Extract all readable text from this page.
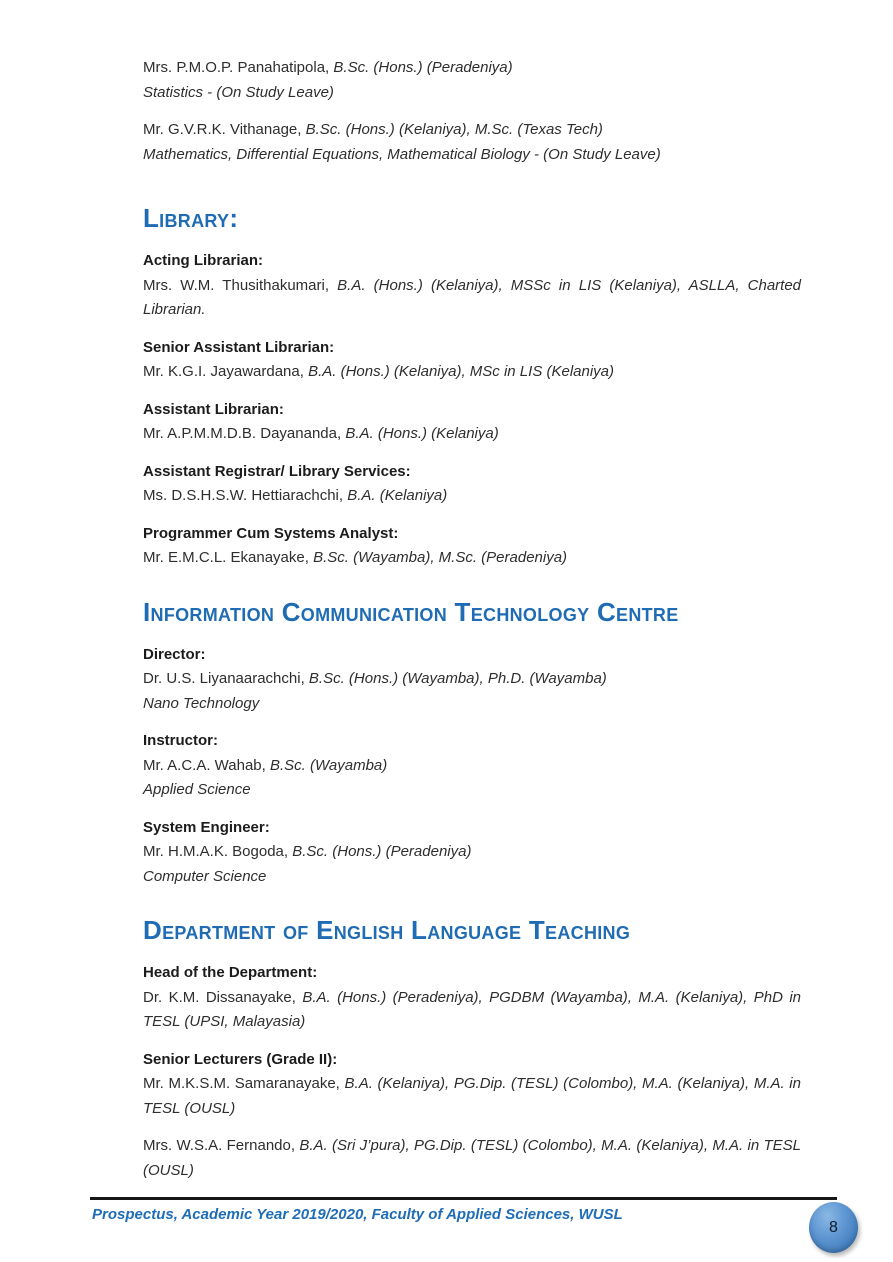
Mrs. P.M.O.P. Panahatipola, B.Sc. (Hons.) (Peradeniya)

Statistics - (On Study Leave)

Mr. G.V.R.K. Vithanage, B.Sc. (Hons.) (Kelaniya), M.Sc. (Texas Tech)

Mathematics, Differential Equations, Mathematical Biology - (On Study Leave)

Library:

Acting Librarian:

Mrs. W.M. Thusithakumari, B.A. (Hons.) (Kelaniya), MSSc in LIS (Kelaniya), ASLLA, Charted Librarian.

Senior Assistant Librarian:

Mr. K.G.I. Jayawardana, B.A. (Hons.) (Kelaniya), MSc in LIS (Kelaniya)

Assistant Librarian:

Mr. A.P.M.M.D.B. Dayananda, B.A. (Hons.) (Kelaniya)

Assistant Registrar/ Library Services:

Ms. D.S.H.S.W. Hettiarachchi, B.A. (Kelaniya)

Programmer Cum Systems Analyst:

Mr. E.M.C.L. Ekanayake, B.Sc. (Wayamba), M.Sc. (Peradeniya)

Information Communication Technology Centre

Director:

Dr. U.S. Liyanaarachchi, B.Sc. (Hons.) (Wayamba), Ph.D. (Wayamba)

Nano Technology

Instructor:

Mr. A.C.A. Wahab, B.Sc. (Wayamba)

Applied Science

System Engineer:

Mr. H.M.A.K. Bogoda, B.Sc. (Hons.) (Peradeniya)

Computer Science

Department of English Language Teaching

Head of the Department:

Dr. K.M. Dissanayake, B.A. (Hons.) (Peradeniya), PGDBM (Wayamba), M.A. (Kelaniya), PhD in TESL (UPSI, Malayasia)

Senior Lecturers (Grade II):

Mr. M.K.S.M. Samaranayake, B.A. (Kelaniya), PG.Dip. (TESL) (Colombo), M.A. (Kelaniya), M.A. in TESL (OUSL)

Mrs. W.S.A. Fernando, B.A. (Sri J’pura), PG.Dip. (TESL) (Colombo), M.A. (Kelaniya), M.A. in TESL (OUSL)

Prospectus, Academic Year 2019/2020, Faculty of Applied Sciences, WUSL

8
